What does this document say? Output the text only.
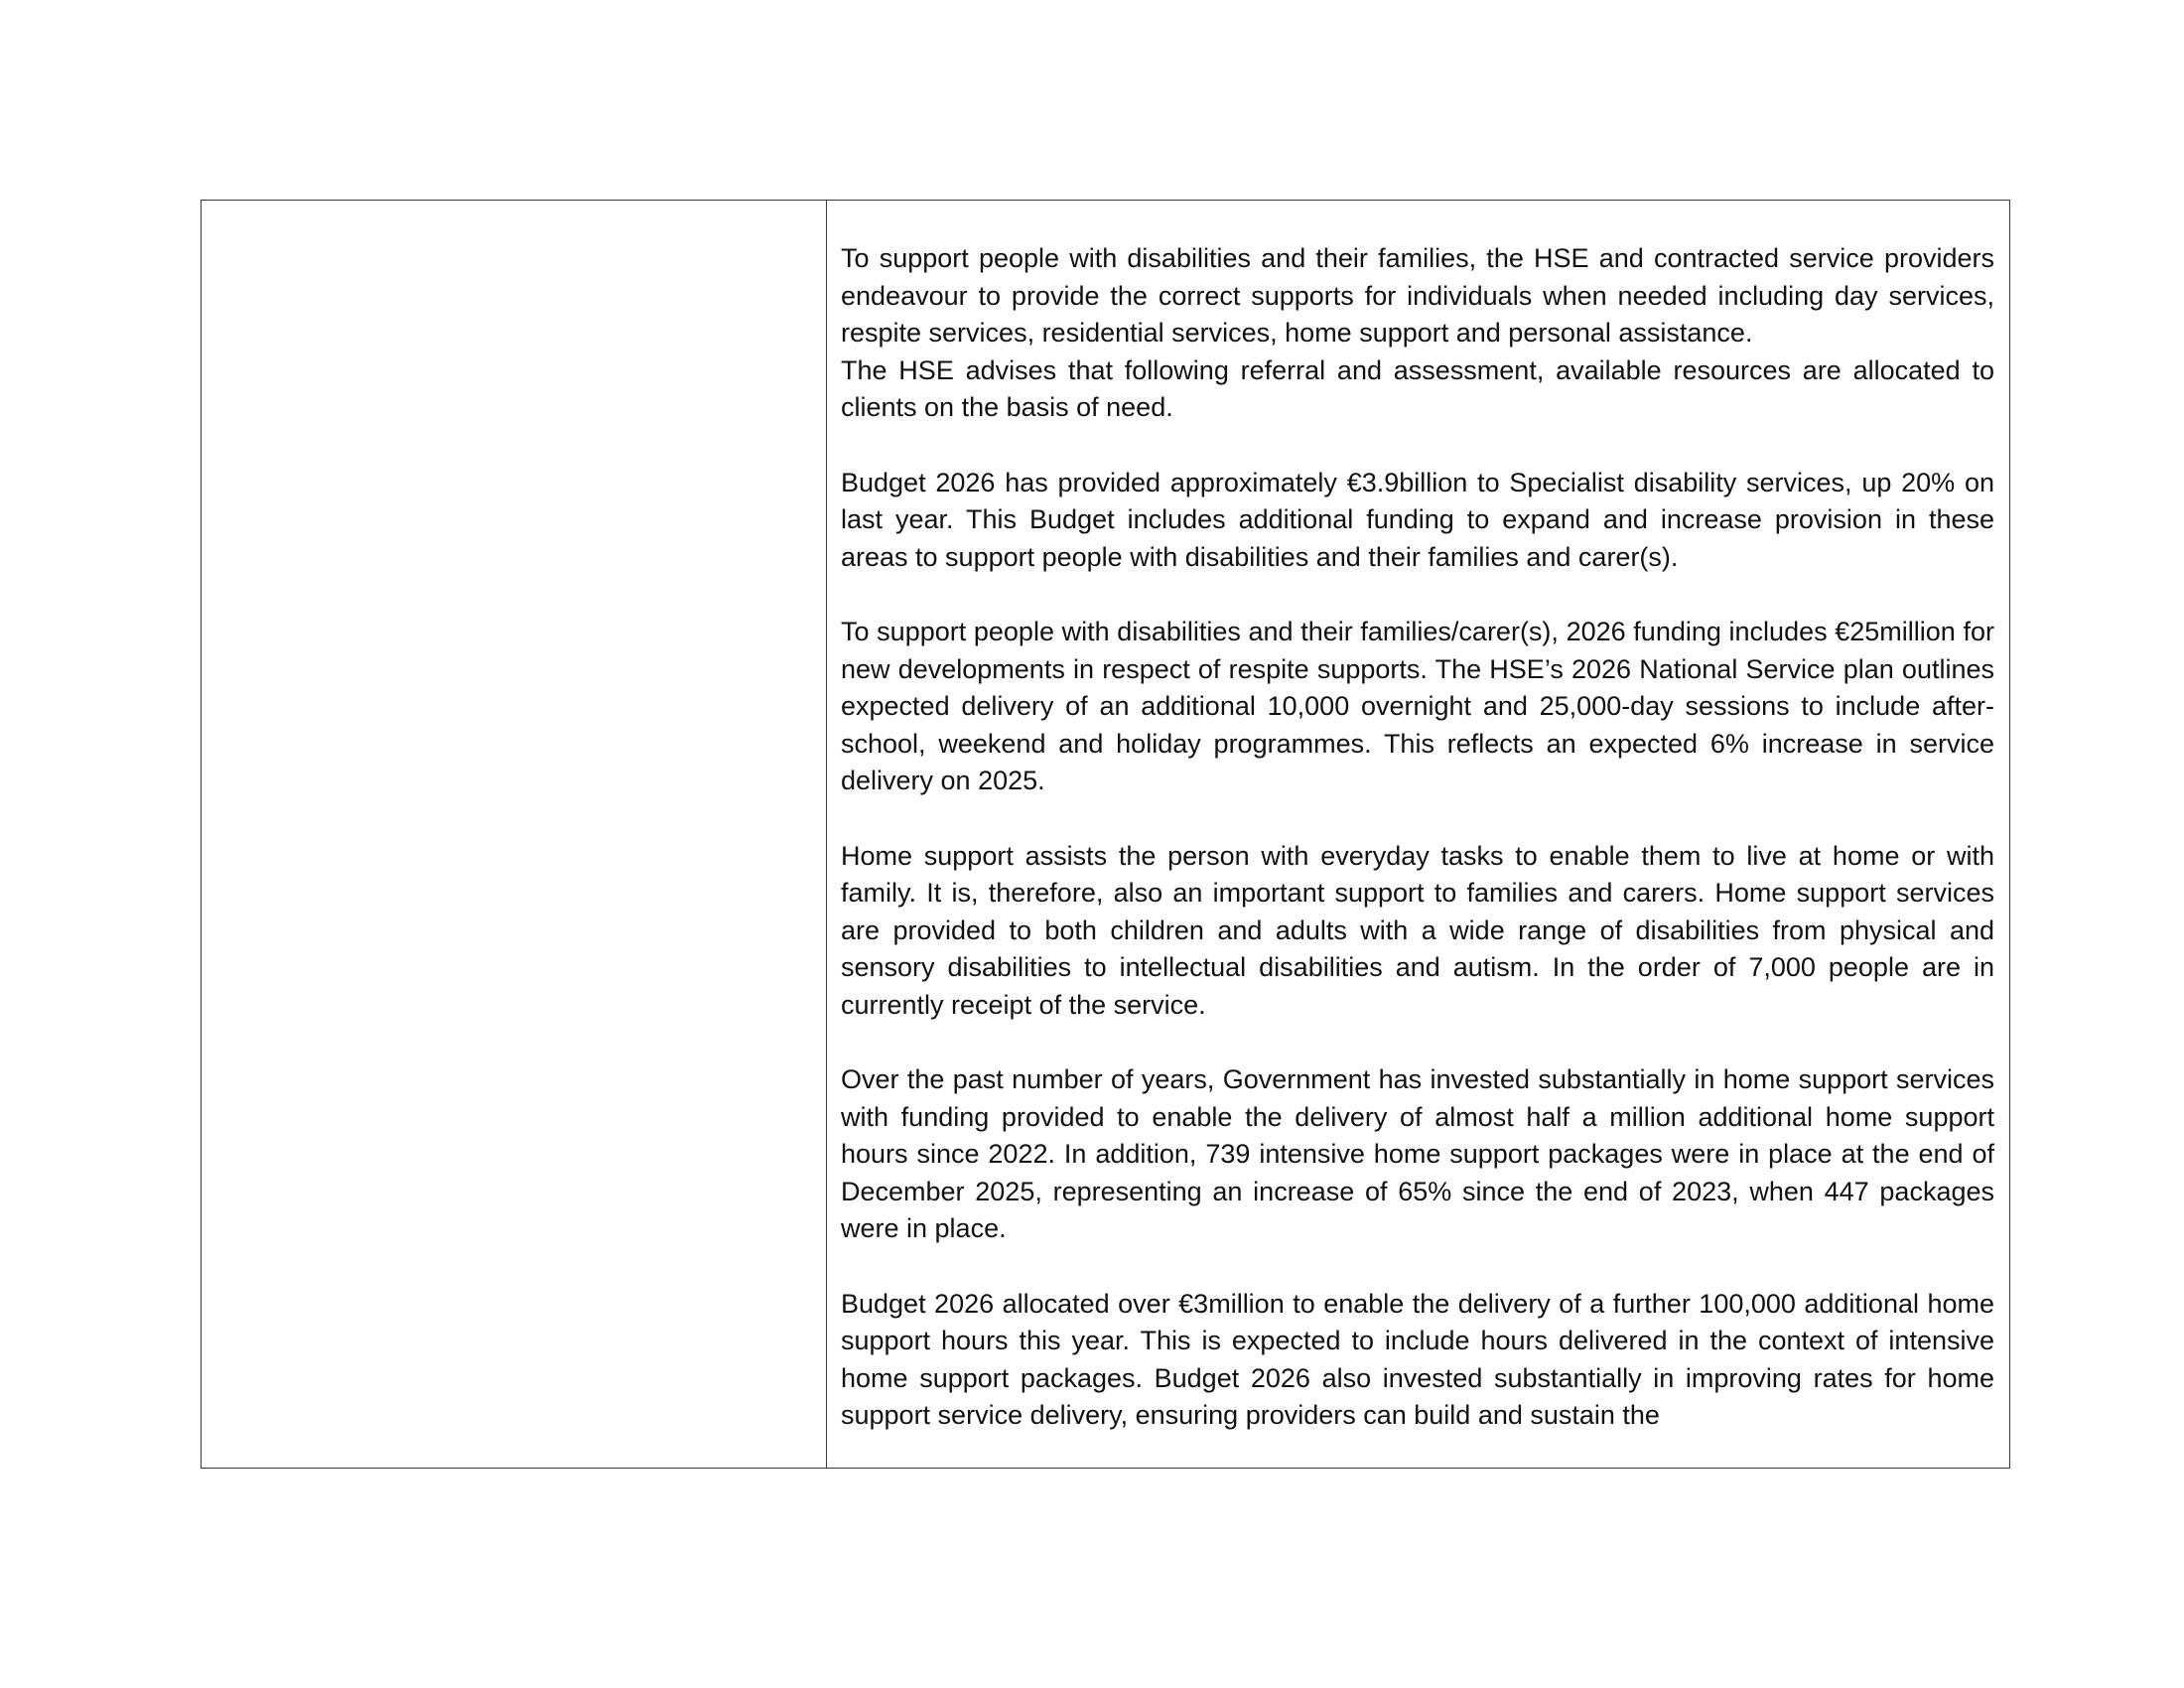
To support people with disabilities and their families, the HSE and contracted service providers endeavour to provide the correct supports for individuals when needed including day services, respite services, residential services, home support and personal assistance.

The HSE advises that following referral and assessment, available resources are allocated to clients on the basis of need.

Budget 2026 has provided approximately €3.9billion to Specialist disability services, up 20% on last year. This Budget includes additional funding to expand and increase provision in these areas to support people with disabilities and their families and carer(s).

To support people with disabilities and their families/carer(s), 2026 funding includes €25million for new developments in respect of respite supports. The HSE’s 2026 National Service plan outlines expected delivery of an additional 10,000 overnight and 25,000-day sessions to include after-school, weekend and holiday programmes. This reflects an expected 6% increase in service delivery on 2025.

Home support assists the person with everyday tasks to enable them to live at home or with family. It is, therefore, also an important support to families and carers. Home support services are provided to both children and adults with a wide range of disabilities from physical and sensory disabilities to intellectual disabilities and autism. In the order of 7,000 people are in currently receipt of the service.

Over the past number of years, Government has invested substantially in home support services with funding provided to enable the delivery of almost half a million additional home support hours since 2022. In addition, 739 intensive home support packages were in place at the end of December 2025, representing an increase of 65% since the end of 2023, when 447 packages were in place.

Budget 2026 allocated over €3million to enable the delivery of a further 100,000 additional home support hours this year. This is expected to include hours delivered in the context of intensive home support packages. Budget 2026 also invested substantially in improving rates for home support service delivery, ensuring providers can build and sustain the
